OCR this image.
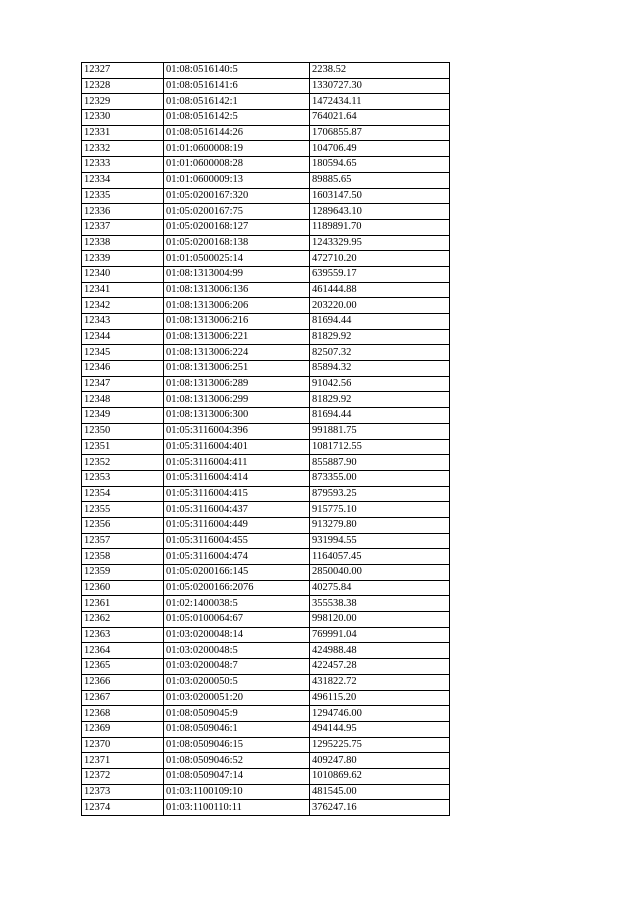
12327	01:08:0516140:5	2238.52
12328	01:08:0516141:6	1330727.30
12329	01:08:0516142:1	1472434.11
12330	01:08:0516142:5	764021.64
12331	01:08:0516144:26	1706855.87
12332	01:01:0600008:19	104706.49
12333	01:01:0600008:28	180594.65
12334	01:01:0600009:13	89885.65
12335	01:05:0200167:320	1603147.50
12336	01:05:0200167:75	1289643.10
12337	01:05:0200168:127	1189891.70
12338	01:05:0200168:138	1243329.95
12339	01:01:0500025:14	472710.20
12340	01:08:1313004:99	639559.17
12341	01:08:1313006:136	461444.88
12342	01:08:1313006:206	203220.00
12343	01:08:1313006:216	81694.44
12344	01:08:1313006:221	81829.92
12345	01:08:1313006:224	82507.32
12346	01:08:1313006:251	85894.32
12347	01:08:1313006:289	91042.56
12348	01:08:1313006:299	81829.92
12349	01:08:1313006:300	81694.44
12350	01:05:3116004:396	991881.75
12351	01:05:3116004:401	1081712.55
12352	01:05:3116004:411	855887.90
12353	01:05:3116004:414	873355.00
12354	01:05:3116004:415	879593.25
12355	01:05:3116004:437	915775.10
12356	01:05:3116004:449	913279.80
12357	01:05:3116004:455	931994.55
12358	01:05:3116004:474	1164057.45
12359	01:05:0200166:145	2850040.00
12360	01:05:0200166:2076	40275.84
12361	01:02:1400038:5	355538.38
12362	01:05:0100064:67	998120.00
12363	01:03:0200048:14	769991.04
12364	01:03:0200048:5	424988.48
12365	01:03:0200048:7	422457.28
12366	01:03:0200050:5	431822.72
12367	01:03:0200051:20	496115.20
12368	01:08:0509045:9	1294746.00
12369	01:08:0509046:1	494144.95
12370	01:08:0509046:15	1295225.75
12371	01:08:0509046:52	409247.80
12372	01:08:0509047:14	1010869.62
12373	01:03:1100109:10	481545.00
12374	01:03:1100110:11	376247.16
